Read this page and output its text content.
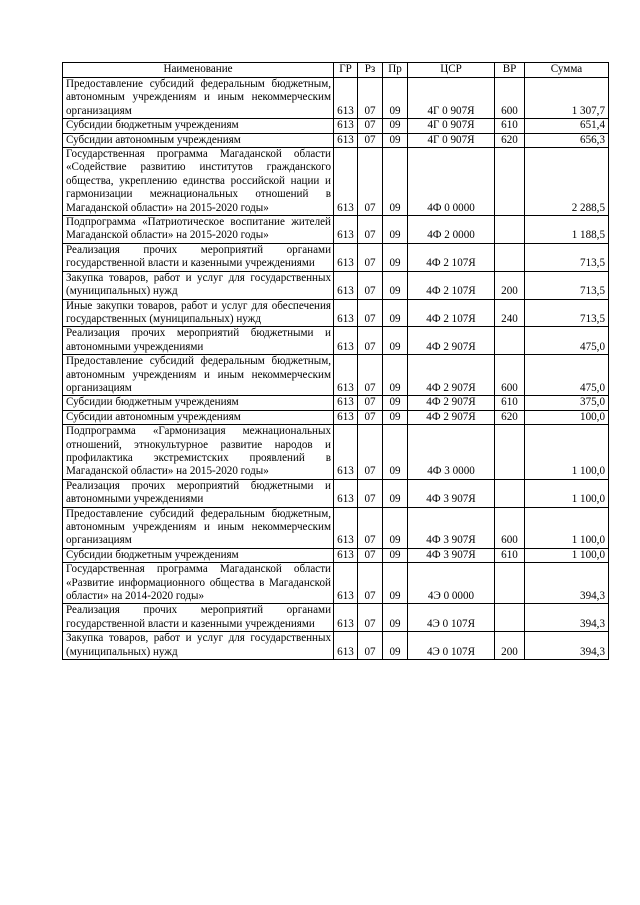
Наименование	ГР	Рз	Пр	ЦСР	ВР	Сумма
Предоставление субсидий федеральным бюджетным, автономным учреждениям и иным некоммерческим организациям	613	07	09	4Г 0 907Я	600	1 307,7
Субсидии бюджетным учреждениям	613	07	09	4Г 0 907Я	610	651,4
Субсидии автономным учреждениям	613	07	09	4Г 0 907Я	620	656,3
Государственная программа Магаданской области «Содействие развитию институтов гражданского общества, укреплению единства российской нации и гармонизации межнациональных отношений в Магаданской области» на 2015-2020 годы»	613	07	09	4Ф 0 0000		2 288,5
Подпрограмма «Патриотическое воспитание жителей Магаданской области» на 2015-2020 годы»	613	07	09	4Ф 2 0000		1 188,5
Реализация прочих мероприятий органами государственной власти и казенными учреждениями	613	07	09	4Ф 2 107Я		713,5
Закупка товаров, работ и услуг для государственных (муниципальных) нужд	613	07	09	4Ф 2 107Я	200	713,5
Иные закупки товаров, работ и услуг для обеспечения государственных (муниципальных) нужд	613	07	09	4Ф 2 107Я	240	713,5
Реализация прочих мероприятий бюджетными и автономными учреждениями	613	07	09	4Ф 2 907Я		475,0
Предоставление субсидий федеральным бюджетным, автономным учреждениям и иным некоммерческим организациям	613	07	09	4Ф 2 907Я	600	475,0
Субсидии бюджетным учреждениям	613	07	09	4Ф 2 907Я	610	375,0
Субсидии автономным учреждениям	613	07	09	4Ф 2 907Я	620	100,0
Подпрограмма «Гармонизация межнациональных отношений, этнокультурное развитие народов и профилактика экстремистских проявлений в Магаданской области» на 2015-2020 годы»	613	07	09	4Ф 3 0000		1 100,0
Реализация прочих мероприятий бюджетными и автономными учреждениями	613	07	09	4Ф 3 907Я		1 100,0
Предоставление субсидий федеральным бюджетным, автономным учреждениям и иным некоммерческим организациям	613	07	09	4Ф 3 907Я	600	1 100,0
Субсидии бюджетным учреждениям	613	07	09	4Ф 3 907Я	610	1 100,0
Государственная программа Магаданской области «Развитие информационного общества в Магаданской области» на 2014-2020 годы»	613	07	09	4Э 0 0000		394,3
Реализация прочих мероприятий органами государственной власти и казенными учреждениями	613	07	09	4Э 0 107Я		394,3
Закупка товаров, работ и услуг для государственных (муниципальных) нужд	613	07	09	4Э 0 107Я	200	394,3
